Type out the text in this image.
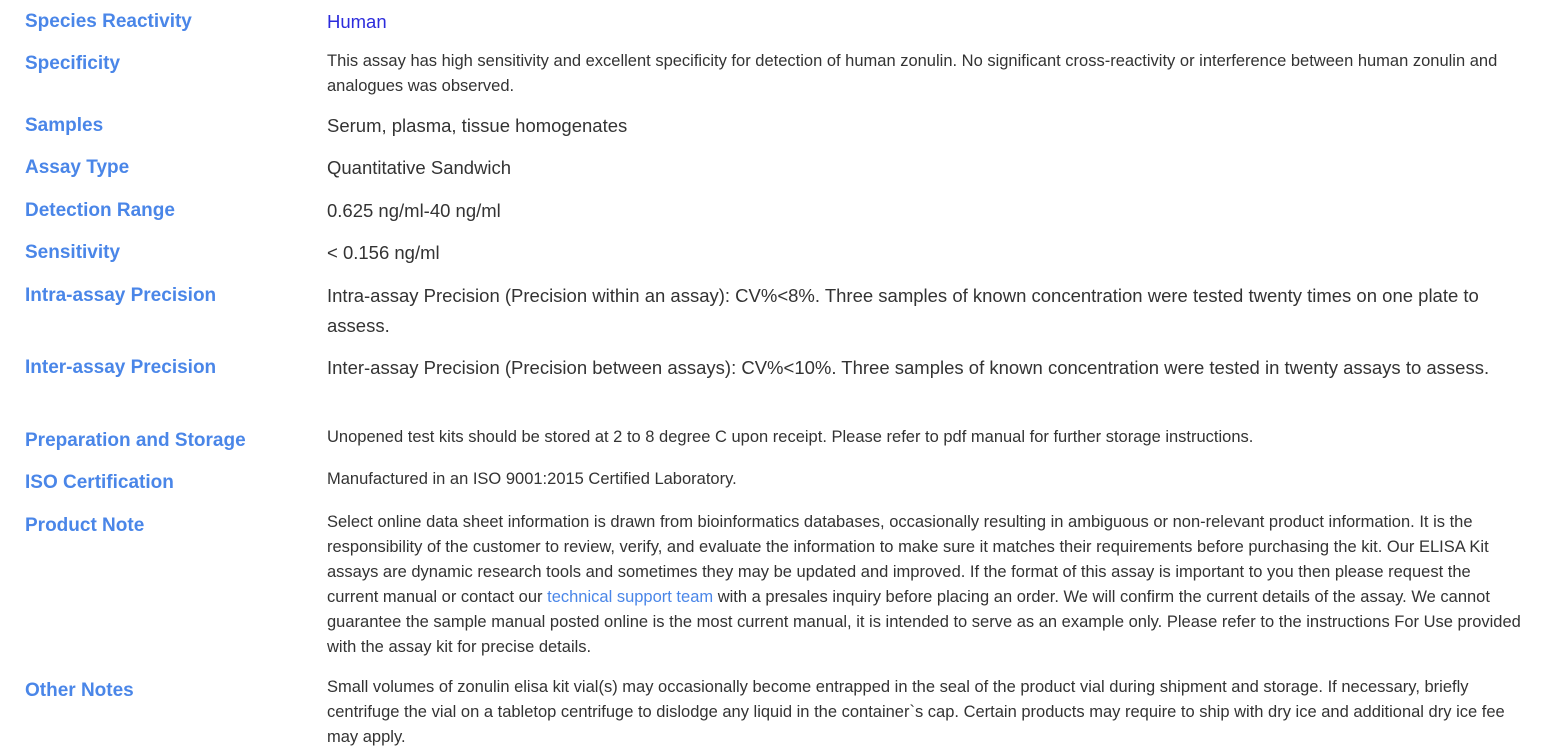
Species Reactivity	Human
Specificity	This assay has high sensitivity and excellent specificity for detection of human zonulin. No significant cross-reactivity or interference between human zonulin and analogues was observed.
Samples	Serum, plasma, tissue homogenates
Assay Type	Quantitative Sandwich
Detection Range	0.625 ng/ml-40 ng/ml
Sensitivity	< 0.156 ng/ml
Intra-assay Precision	Intra-assay Precision (Precision within an assay): CV%<8%. Three samples of known concentration were tested twenty times on one plate to assess.
Inter-assay Precision	Inter-assay Precision (Precision between assays): CV%<10%. Three samples of known concentration were tested in twenty assays to assess.
Preparation and Storage	Unopened test kits should be stored at 2 to 8 degree C upon receipt. Please refer to pdf manual for further storage instructions.
ISO Certification	Manufactured in an ISO 9001:2015 Certified Laboratory.
Product Note	Select online data sheet information is drawn from bioinformatics databases, occasionally resulting in ambiguous or non-relevant product information. It is the responsibility of the customer to review, verify, and evaluate the information to make sure it matches their requirements before purchasing the kit. Our ELISA Kit assays are dynamic research tools and sometimes they may be updated and improved. If the format of this assay is important to you then please request the current manual or contact our technical support team with a presales inquiry before placing an order. We will confirm the current details of the assay. We cannot guarantee the sample manual posted online is the most current manual, it is intended to serve as an example only. Please refer to the instructions For Use provided with the assay kit for precise details.
Other Notes	Small volumes of zonulin elisa kit vial(s) may occasionally become entrapped in the seal of the product vial during shipment and storage. If necessary, briefly centrifuge the vial on a tabletop centrifuge to dislodge any liquid in the container`s cap. Certain products may require to ship with dry ice and additional dry ice fee may apply.
